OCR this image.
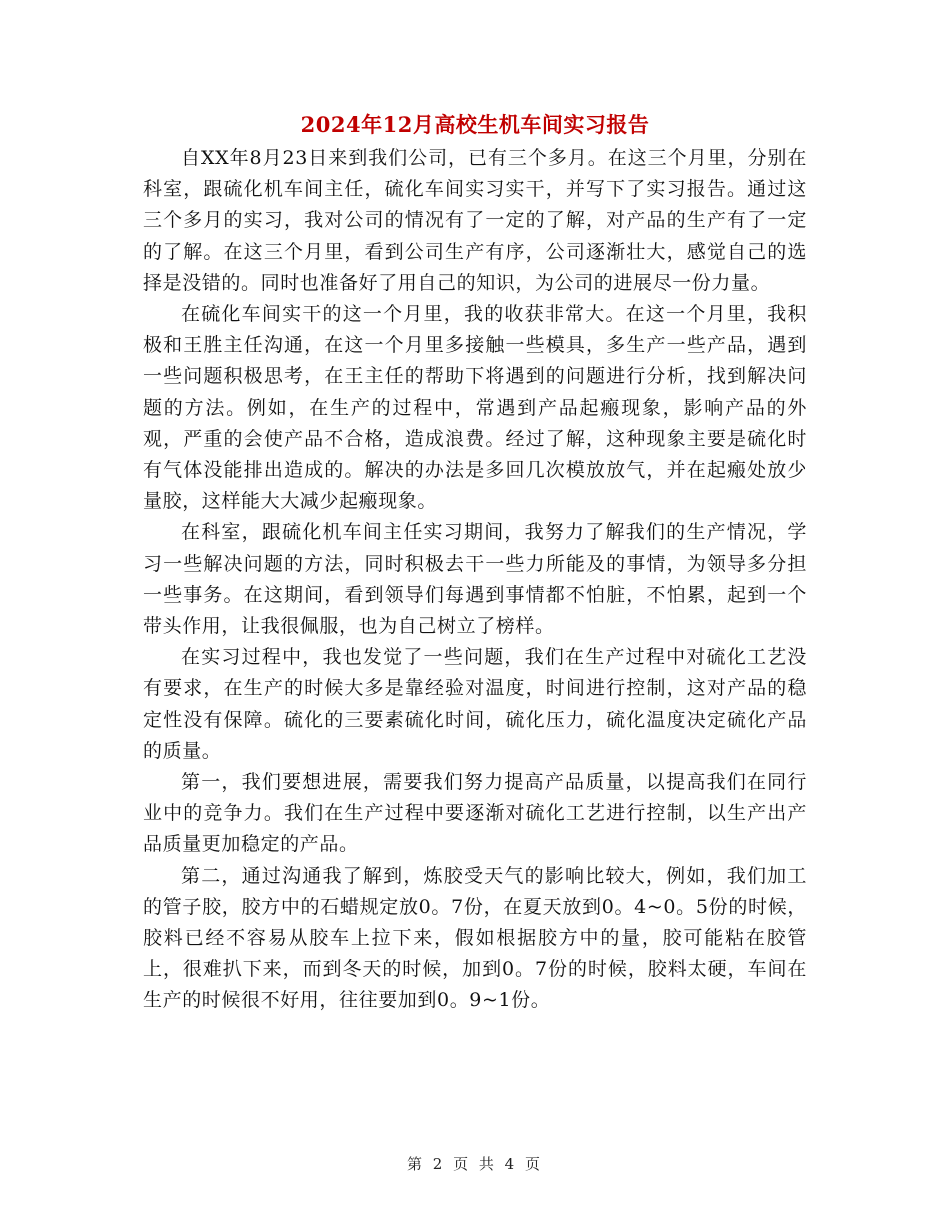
2024年12月高校生机车间实习报告

自XX年8月23日来到我们公司，已有三个多月。在这三个月里，分别在科室，跟硫化机车间主任，硫化车间实习实干，并写下了实习报告。通过这三个多月的实习，我对公司的情况有了一定的了解，对产品的生产有了一定的了解。在这三个月里，看到公司生产有序，公司逐渐壮大，感觉自己的选择是没错的。同时也准备好了用自己的知识，为公司的进展尽一份力量。

在硫化车间实干的这一个月里，我的收获非常大。在这一个月里，我积极和王胜主任沟通，在这一个月里多接触一些模具，多生产一些产品，遇到一些问题积极思考，在王主任的帮助下将遇到的问题进行分析，找到解决问题的方法。例如，在生产的过程中，常遇到产品起瘢现象，影响产品的外观，严重的会使产品不合格，造成浪费。经过了解，这种现象主要是硫化时有气体没能排出造成的。解决的办法是多回几次模放放气，并在起瘢处放少量胶，这样能大大减少起瘢现象。

在科室，跟硫化机车间主任实习期间，我努力了解我们的生产情况，学习一些解决问题的方法，同时积极去干一些力所能及的事情，为领导多分担一些事务。在这期间，看到领导们每遇到事情都不怕脏，不怕累，起到一个带头作用，让我很佩服，也为自己树立了榜样。

在实习过程中，我也发觉了一些问题，我们在生产过程中对硫化工艺没有要求，在生产的时候大多是靠经验对温度，时间进行控制，这对产品的稳定性没有保障。硫化的三要素硫化时间，硫化压力，硫化温度决定硫化产品的质量。

第一，我们要想进展，需要我们努力提高产品质量，以提高我们在同行业中的竞争力。我们在生产过程中要逐渐对硫化工艺进行控制，以生产出产品质量更加稳定的产品。

第二，通过沟通我了解到，炼胶受天气的影响比较大，例如，我们加工的管子胶，胶方中的石蜡规定放0。7份，在夏天放到0。4~0。5份的时候，胶料已经不容易从胶车上拉下来，假如根据胶方中的量，胶可能粘在胶管上，很难扒下来，而到冬天的时候，加到0。7份的时候，胶料太硬，车间在生产的时候很不好用，往往要加到0。9~1份。

第 2 页 共 4 页
